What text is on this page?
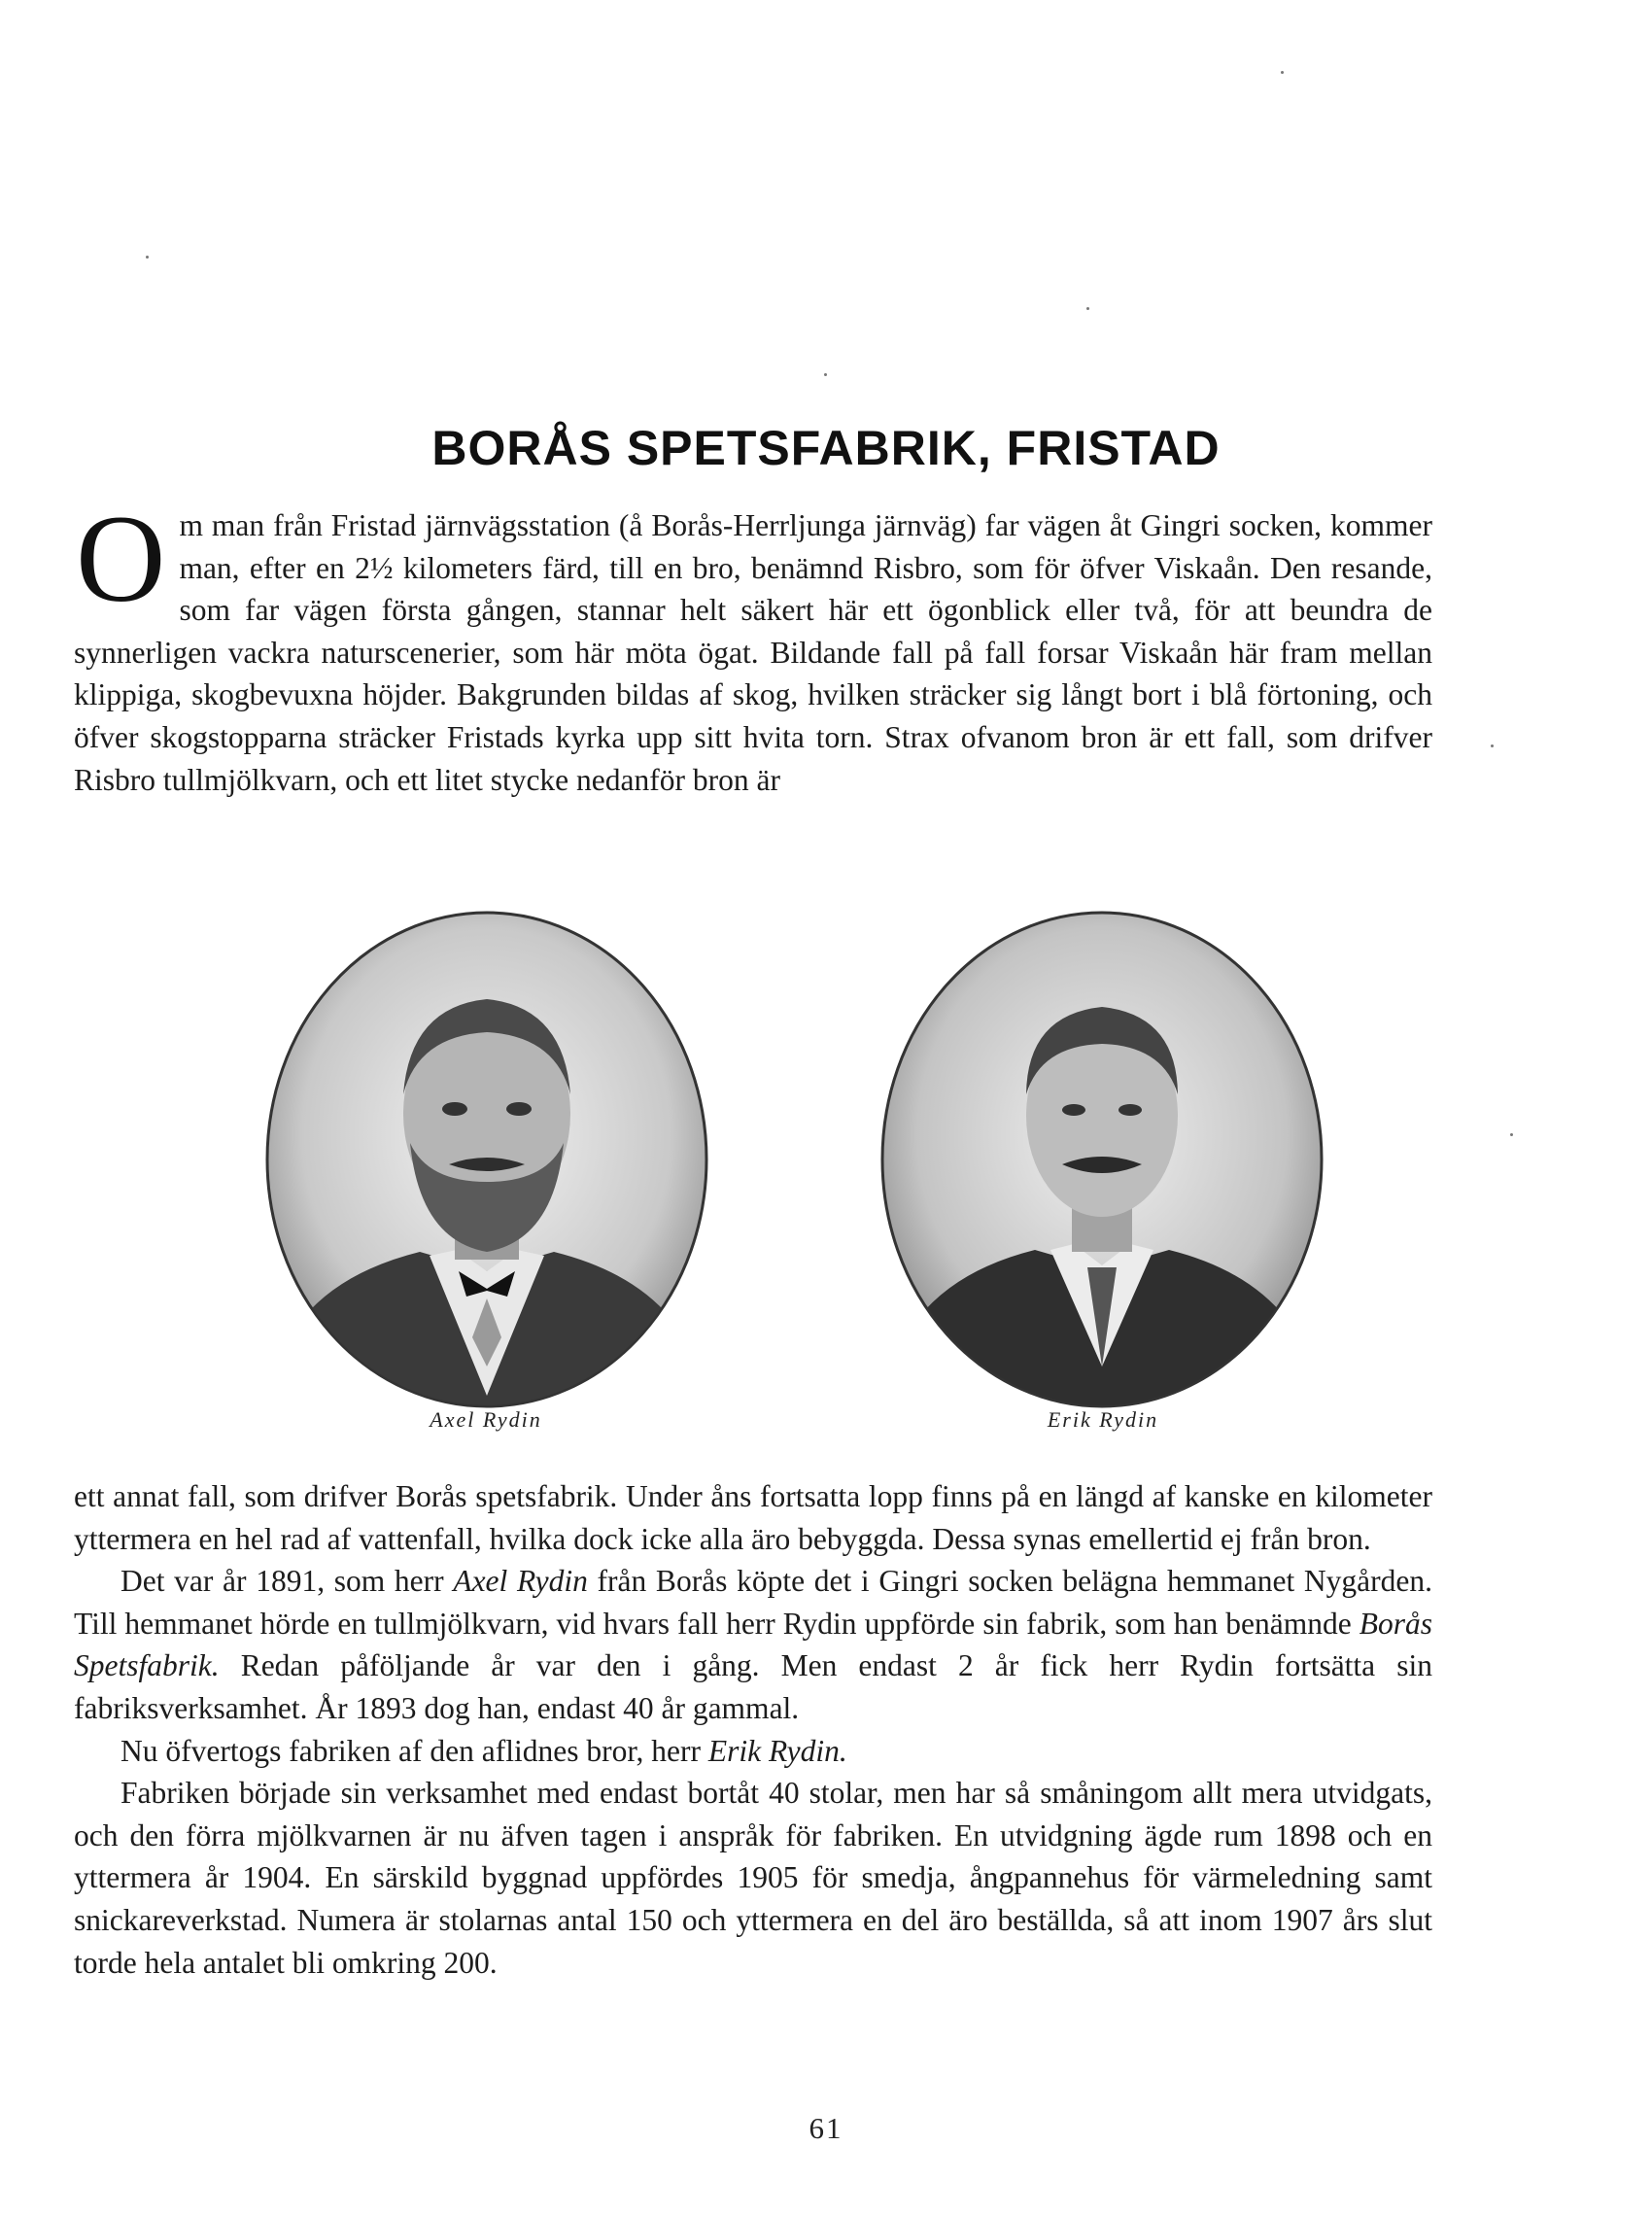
BORÅS SPETSFABRIK, FRISTAD

Om man från Fristad järnvägsstation (å Borås-Herrljunga järnväg) far vägen åt Gingri socken, kommer man, efter en 2½ kilometers färd, till en bro, benämnd Risbro, som för öfver Viskaån. Den resande, som far vägen första gången, stannar helt säkert här ett ögonblick eller två, för att beundra de synnerligen vackra naturscenerier, som här möta ögat. Bildande fall på fall forsar Viskaån här fram mellan klippiga, skogbevuxna höjder. Bakgrunden bildas af skog, hvilken sträcker sig långt bort i blå förtoning, och öfver skogstopparna sträcker Fristads kyrka upp sitt hvita torn. Strax ofvanom bron är ett fall, som drifver Risbro tullmjölkvarn, och ett litet stycke nedanför bron är

Axel Rydin	Erik Rydin

ett annat fall, som drifver Borås spetsfabrik. Under åns fortsatta lopp finns på en längd af kanske en kilometer yttermera en hel rad af vattenfall, hvilka dock icke alla äro bebyggda. Dessa synas emellertid ej från bron.

Det var år 1891, som herr Axel Rydin från Borås köpte det i Gingri socken belägna hemmanet Nygården. Till hemmanet hörde en tullmjölkvarn, vid hvars fall herr Rydin uppförde sin fabrik, som han benämnde Borås Spetsfabrik. Redan påföljande år var den i gång. Men endast 2 år fick herr Rydin fortsätta sin fabriksverksamhet. År 1893 dog han, endast 40 år gammal.

Nu öfvertogs fabriken af den aflidnes bror, herr Erik Rydin.

Fabriken började sin verksamhet med endast bortåt 40 stolar, men har så småningom allt mera utvidgats, och den förra mjölkvarnen är nu äfven tagen i anspråk för fabriken. En utvidgning ägde rum 1898 och en yttermera år 1904. En särskild byggnad uppfördes 1905 för smedja, ångpannehus för värmeledning samt snickareverkstad. Numera är stolarnas antal 150 och yttermera en del äro beställda, så att inom 1907 års slut torde hela antalet bli omkring 200.

61
